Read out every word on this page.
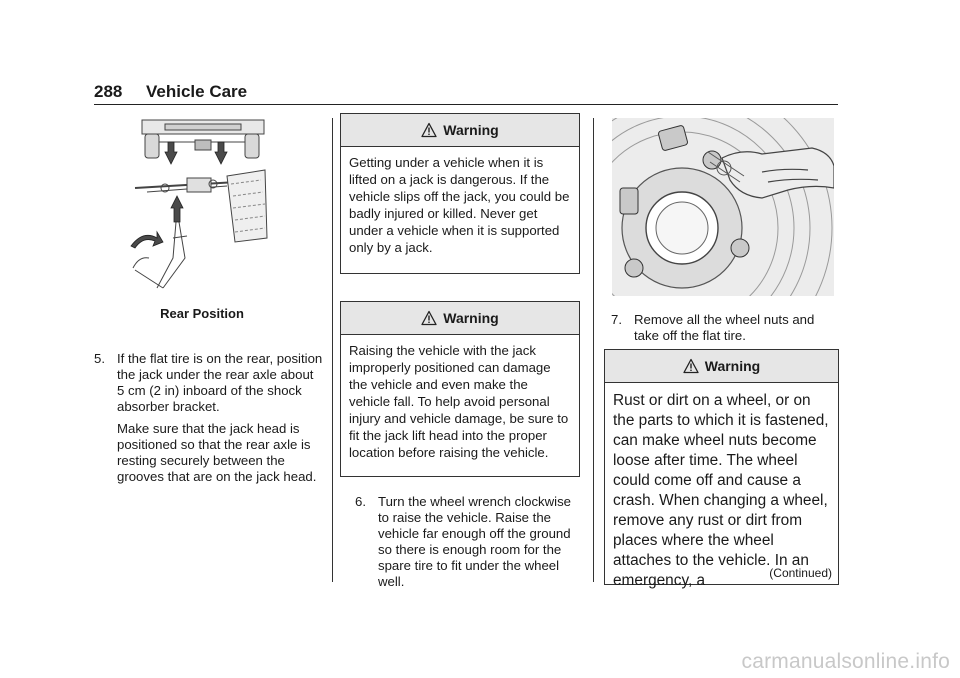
288 Vehicle Care
Rear Position
5. If the flat tire is on the rear, position the jack under the rear axle about 5 cm (2 in) inboard of the shock absorber bracket.

Make sure that the jack head is positioned so that the rear axle is resting securely between the grooves that are on the jack head.

Warning
Getting under a vehicle when it is lifted on a jack is dangerous. If the vehicle slips off the jack, you could be badly injured or killed. Never get under a vehicle when it is supported only by a jack.
Warning
Raising the vehicle with the jack improperly positioned can damage the vehicle and even make the vehicle fall. To help avoid personal injury and vehicle damage, be sure to fit the jack lift head into the proper location before raising the vehicle.
6. Turn the wheel wrench clockwise to raise the vehicle. Raise the vehicle far enough off the ground so there is enough room for the spare tire to fit under the wheel well.

7. Remove all the wheel nuts and take off the flat tire.

Warning
Rust or dirt on a wheel, or on the parts to which it is fastened, can make wheel nuts become loose after time. The wheel could come off and cause a crash. When changing a wheel, remove any rust or dirt from places where the wheel attaches to the vehicle. In an emergency, a	(Continued)
carmanualsonline.info
